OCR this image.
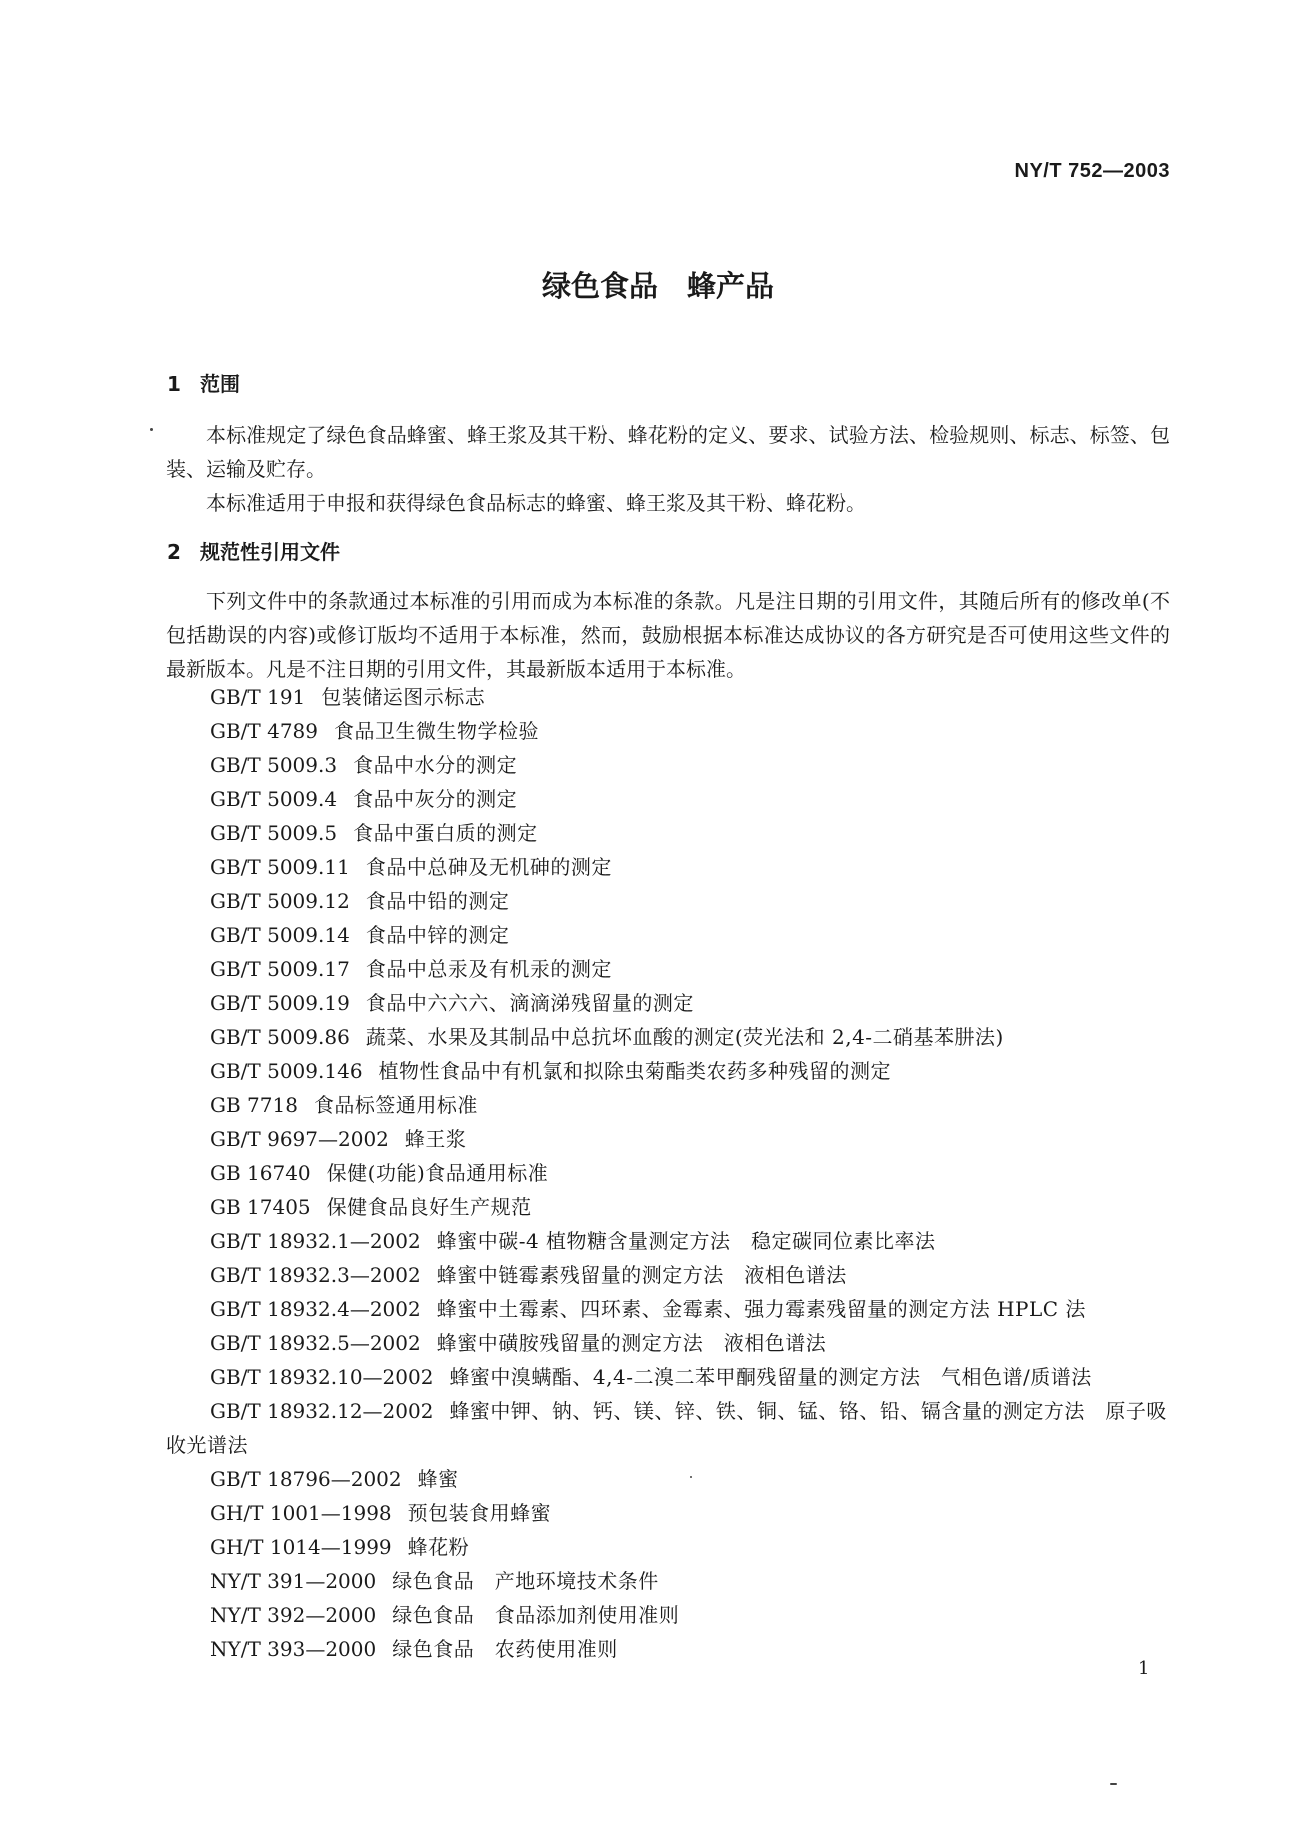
NY/T 752—2003
绿色食品　蜂产品
1 范围

本标准规定了绿色食品蜂蜜、蜂王浆及其干粉、蜂花粉的定义、要求、试验方法、检验规则、标志、标签、包装、运输及贮存。

本标准适用于申报和获得绿色食品标志的蜂蜜、蜂王浆及其干粉、蜂花粉。

2 规范性引用文件

下列文件中的条款通过本标准的引用而成为本标准的条款。凡是注日期的引用文件，其随后所有的修改单(不包括勘误的内容)或修订版均不适用于本标准，然而，鼓励根据本标准达成协议的各方研究是否可使用这些文件的最新版本。凡是不注日期的引用文件，其最新版本适用于本标准。

GB/T 191 包装储运图示标志
GB/T 4789 食品卫生微生物学检验
GB/T 5009.3 食品中水分的测定
GB/T 5009.4 食品中灰分的测定
GB/T 5009.5 食品中蛋白质的测定
GB/T 5009.11 食品中总砷及无机砷的测定
GB/T 5009.12 食品中铅的测定
GB/T 5009.14 食品中锌的测定
GB/T 5009.17 食品中总汞及有机汞的测定
GB/T 5009.19 食品中六六六、滴滴涕残留量的测定
GB/T 5009.86 蔬菜、水果及其制品中总抗坏血酸的测定(荧光法和 2,4-二硝基苯肼法)
GB/T 5009.146 植物性食品中有机氯和拟除虫菊酯类农药多种残留的测定
GB 7718 食品标签通用标准
GB/T 9697—2002 蜂王浆
GB 16740 保健(功能)食品通用标准
GB 17405 保健食品良好生产规范
GB/T 18932.1—2002 蜂蜜中碳-4 植物糖含量测定方法　稳定碳同位素比率法
GB/T 18932.3—2002 蜂蜜中链霉素残留量的测定方法　液相色谱法
GB/T 18932.4—2002 蜂蜜中土霉素、四环素、金霉素、强力霉素残留量的测定方法 HPLC 法
GB/T 18932.5—2002 蜂蜜中磺胺残留量的测定方法　液相色谱法
GB/T 18932.10—2002 蜂蜜中溴螨酯、4,4-二溴二苯甲酮残留量的测定方法　气相色谱/质谱法
GB/T 18932.12—2002 蜂蜜中钾、钠、钙、镁、锌、铁、铜、锰、铬、铅、镉含量的测定方法　原子吸收光谱法
GB/T 18796—2002 蜂蜜
GH/T 1001—1998 预包装食用蜂蜜
GH/T 1014—1999 蜂花粉
NY/T 391—2000 绿色食品　产地环境技术条件
NY/T 392—2000 绿色食品　食品添加剂使用准则
NY/T 393—2000 绿色食品　农药使用准则
1
